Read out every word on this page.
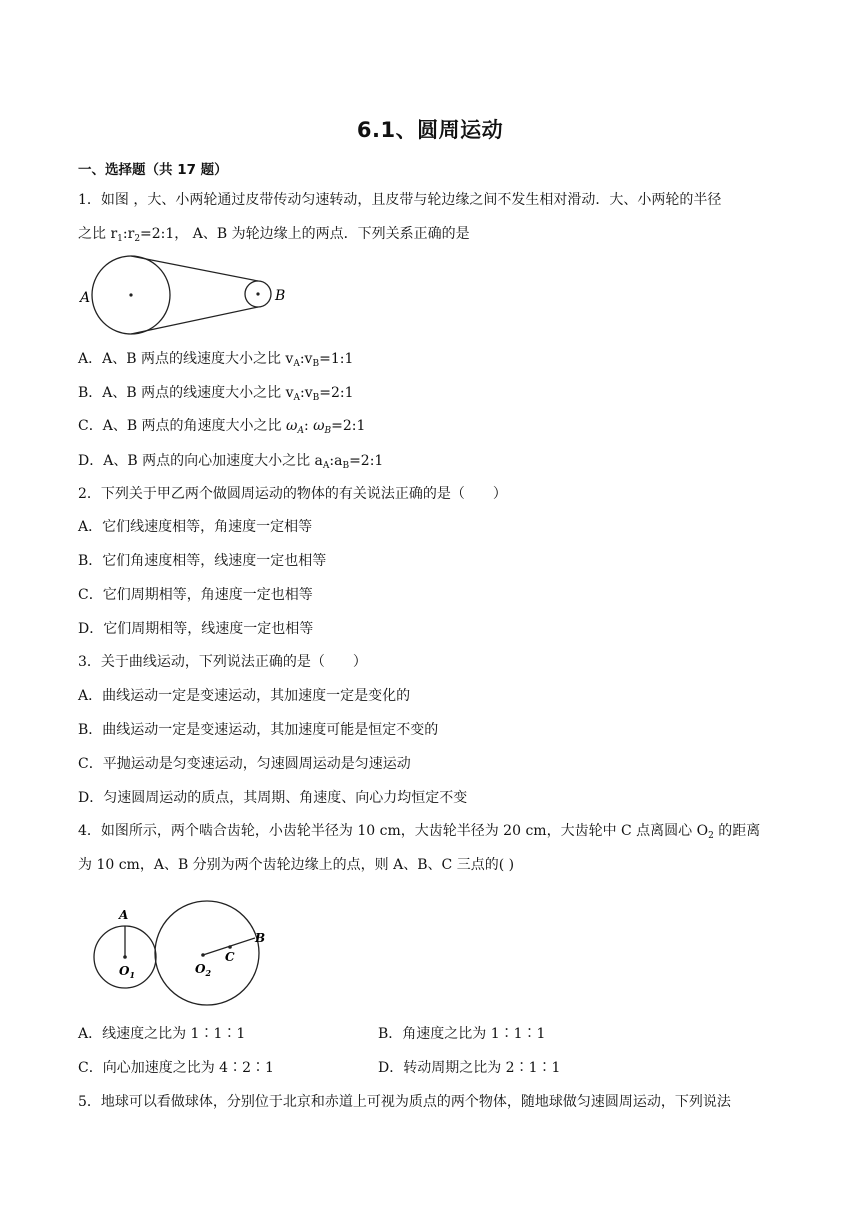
6.1、圆周运动
一、选择题（共 17 题）
1．如图 ，大、小两轮通过皮带传动匀速转动，且皮带与轮边缘之间不发生相对滑动．大、小两轮的半径
之比 $r_1:r_2=2:1$， A、B 为轮边缘上的两点．下列关系正确的是
A	B
A．A、B 两点的线速度大小之比 $v_A:v_B=1:1$
B．A、B 两点的线速度大小之比 $v_A:v_B=2:1$
C．A、B 两点的角速度大小之比 $\omega_A$: $\omega_B=2:1$
D．A、B 两点的向心加速度大小之比 $a_A:a_B=2:1$
2．下列关于甲乙两个做圆周运动的物体的有关说法正确的是（　　）
A．它们线速度相等，角速度一定相等
B．它们角速度相等，线速度一定也相等
C．它们周期相等，角速度一定也相等
D．它们周期相等，线速度一定也相等
3．关于曲线运动，下列说法正确的是（　　）
A．曲线运动一定是变速运动，其加速度一定是变化的
B．曲线运动一定是变速运动，其加速度可能是恒定不变的
C．平抛运动是匀变速运动，匀速圆周运动是匀速运动
D．匀速圆周运动的质点，其周期、角速度、向心力均恒定不变
4．如图所示，两个啮合齿轮，小齿轮半径为 10 cm，大齿轮半径为 20 cm，大齿轮中 C 点离圆心 $O_2$ 的距离
为 10 cm，A、B 分别为两个齿轮边缘上的点，则 A、B、C 三点的( )
A
B
C
$O_1$	$O_2$
A．线速度之比为 1∶1∶1	B．角速度之比为 1∶1∶1
C．向心加速度之比为 4∶2∶1	D．转动周期之比为 2∶1∶1
5．地球可以看做球体，分别位于北京和赤道上可视为质点的两个物体，随地球做匀速圆周运动，下列说法
